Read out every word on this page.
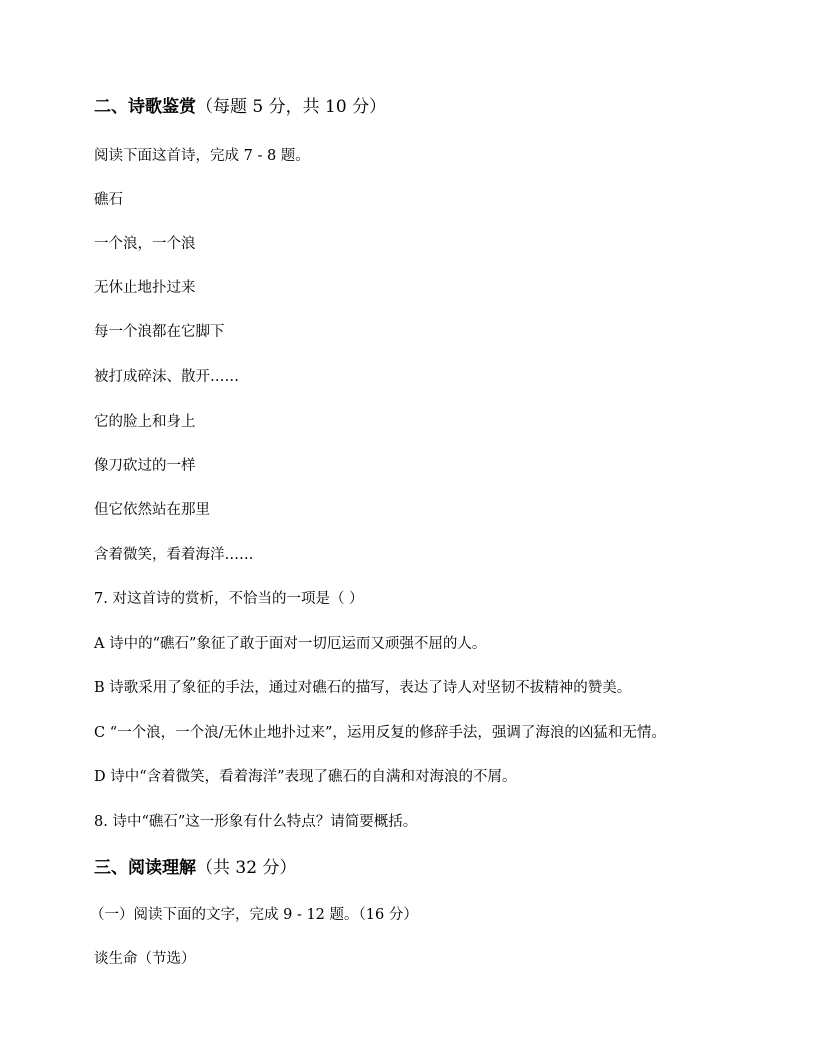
二、诗歌鉴赏（每题 5 分，共 10 分）
阅读下面这首诗，完成 7 - 8 题。
礁石
一个浪，一个浪
无休止地扑过来
每一个浪都在它脚下
被打成碎沫、散开……
它的脸上和身上
像刀砍过的一样
但它依然站在那里
含着微笑，看着海洋……
7. 对这首诗的赏析，不恰当的一项是（ ）
A 诗中的“礁石”象征了敢于面对一切厄运而又顽强不屈的人。
B 诗歌采用了象征的手法，通过对礁石的描写，表达了诗人对坚韧不拔精神的赞美。
C “一个浪，一个浪/无休止地扑过来”，运用反复的修辞手法，强调了海浪的凶猛和无情。
D 诗中“含着微笑，看着海洋”表现了礁石的自满和对海浪的不屑。
8. 诗中“礁石”这一形象有什么特点？请简要概括。
三、阅读理解（共 32 分）
（一）阅读下面的文字，完成 9 - 12 题。（16 分）
谈生命（节选）
